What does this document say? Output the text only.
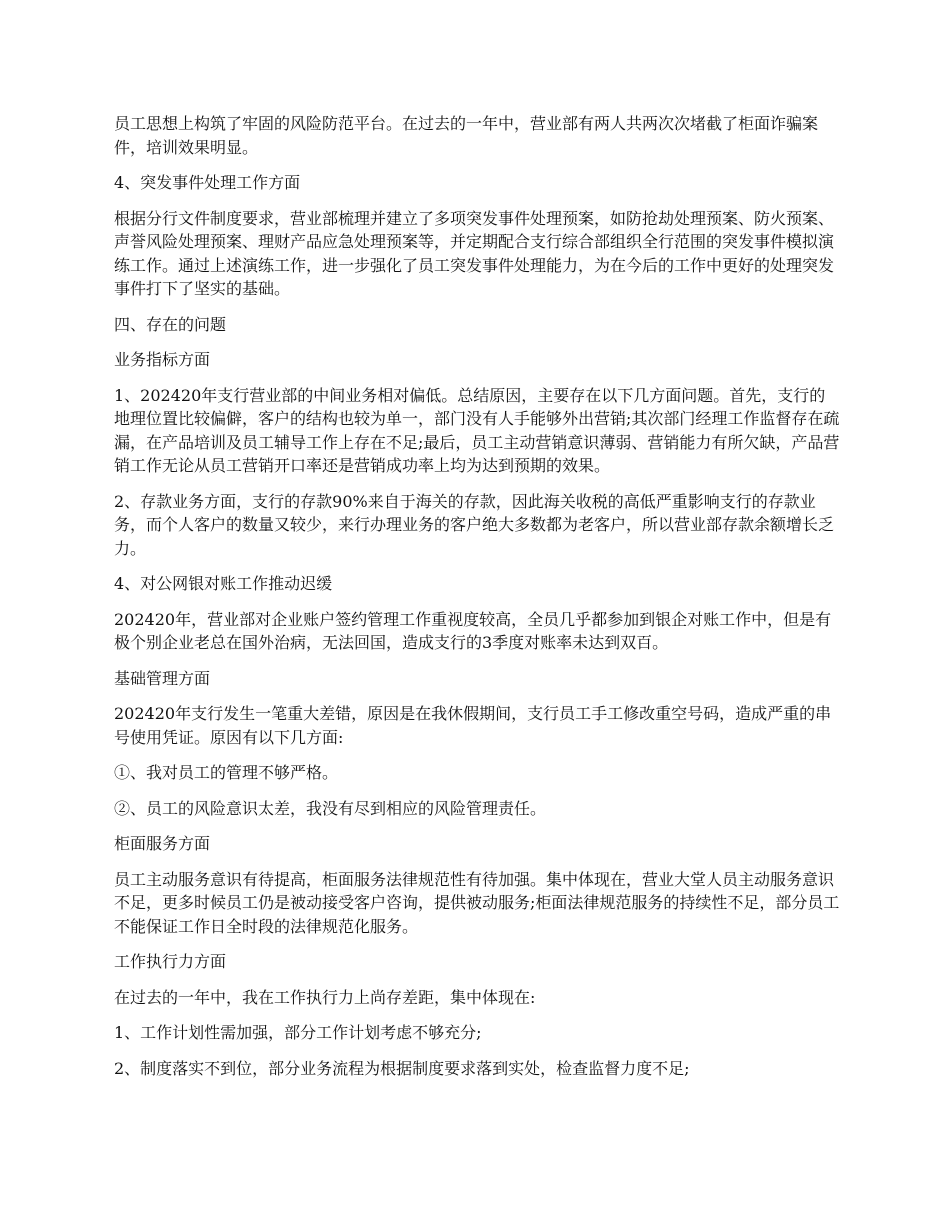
员工思想上构筑了牢固的风险防范平台。在过去的一年中，营业部有两人共两次次堵截了柜面诈骗案件，培训效果明显。

4、突发事件处理工作方面

根据分行文件制度要求，营业部梳理并建立了多项突发事件处理预案，如防抢劫处理预案、防火预案、声誉风险处理预案、理财产品应急处理预案等，并定期配合支行综合部组织全行范围的突发事件模拟演练工作。通过上述演练工作，进一步强化了员工突发事件处理能力，为在今后的工作中更好的处理突发事件打下了坚实的基础。

四、存在的问题

业务指标方面

1、202420年支行营业部的中间业务相对偏低。总结原因，主要存在以下几方面问题。首先，支行的地理位置比较偏僻，客户的结构也较为单一，部门没有人手能够外出营销;其次部门经理工作监督存在疏漏，在产品培训及员工辅导工作上存在不足;最后，员工主动营销意识薄弱、营销能力有所欠缺，产品营销工作无论从员工营销开口率还是营销成功率上均为达到预期的效果。

2、存款业务方面，支行的存款90%来自于海关的存款，因此海关收税的高低严重影响支行的存款业务，而个人客户的数量又较少，来行办理业务的客户绝大多数都为老客户，所以营业部存款余额增长乏力。

4、对公网银对账工作推动迟缓

202420年，营业部对企业账户签约管理工作重视度较高，全员几乎都参加到银企对账工作中，但是有极个别企业老总在国外治病，无法回国，造成支行的3季度对账率未达到双百。

基础管理方面

202420年支行发生一笔重大差错，原因是在我休假期间，支行员工手工修改重空号码，造成严重的串号使用凭证。原因有以下几方面:

①、我对员工的管理不够严格。

②、员工的风险意识太差，我没有尽到相应的风险管理责任。

柜面服务方面

员工主动服务意识有待提高，柜面服务法律规范性有待加强。集中体现在，营业大堂人员主动服务意识不足，更多时候员工仍是被动接受客户咨询，提供被动服务;柜面法律规范服务的持续性不足，部分员工不能保证工作日全时段的法律规范化服务。

工作执行力方面

在过去的一年中，我在工作执行力上尚存差距，集中体现在:

1、工作计划性需加强，部分工作计划考虑不够充分;

2、制度落实不到位，部分业务流程为根据制度要求落到实处，检查监督力度不足;
